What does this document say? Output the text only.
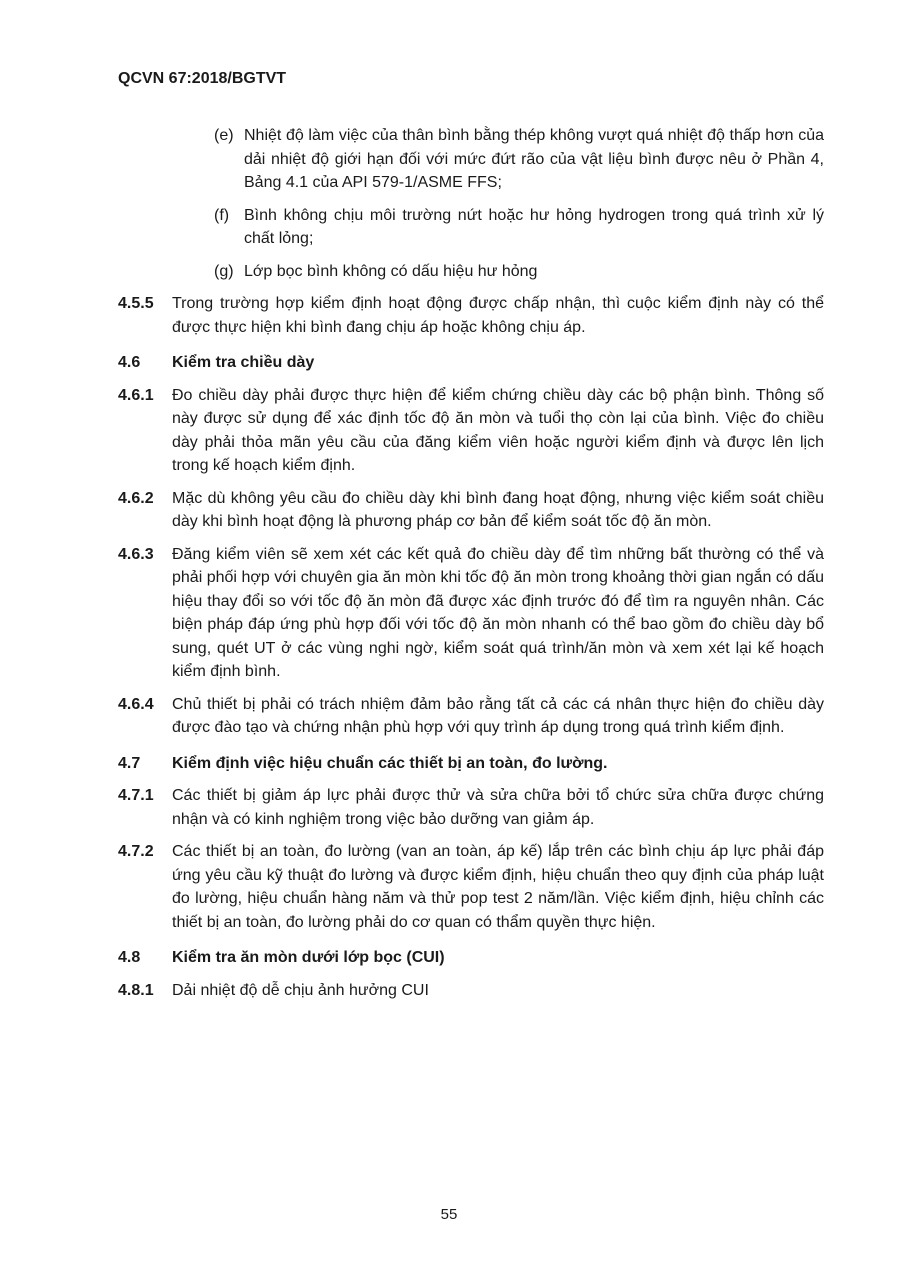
QCVN 67:2018/BGTVT
(e) Nhiệt độ làm việc của thân bình bằng thép không vượt quá nhiệt độ thấp hơn của dải nhiệt độ giới hạn đối với mức đứt rão của vật liệu bình được nêu ở Phần 4, Bảng 4.1 của API 579-1/ASME FFS;
(f) Bình không chịu môi trường nứt hoặc hư hỏng hydrogen trong quá trình xử lý chất lỏng;
(g) Lớp bọc bình không có dấu hiệu hư hỏng
4.5.5	Trong trường hợp kiểm định hoạt động được chấp nhận, thì cuộc kiểm định này có thể được thực hiện khi bình đang chịu áp hoặc không chịu áp.
4.6	Kiểm tra chiều dày
4.6.1	Đo chiều dày phải được thực hiện để kiểm chứng chiều dày các bộ phận bình. Thông số này được sử dụng để xác định tốc độ ăn mòn và tuổi thọ còn lại của bình. Việc đo chiều dày phải thỏa mãn yêu cầu của đăng kiểm viên hoặc người kiểm định và được lên lịch trong kế hoạch kiểm định.
4.6.2	Mặc dù không yêu cầu đo chiều dày khi bình đang hoạt động, nhưng việc kiểm soát chiều dày khi bình hoạt động là phương pháp cơ bản để kiểm soát tốc độ ăn mòn.
4.6.3	Đăng kiểm viên sẽ xem xét các kết quả đo chiều dày để tìm những bất thường có thể và phải phối hợp với chuyên gia ăn mòn khi tốc độ ăn mòn trong khoảng thời gian ngắn có dấu hiệu thay đổi so với tốc độ ăn mòn đã được xác định trước đó để tìm ra nguyên nhân. Các biện pháp đáp ứng phù hợp đối với tốc độ ăn mòn nhanh có thể bao gồm đo chiều dày bổ sung, quét UT ở các vùng nghi ngờ, kiểm soát quá trình/ăn mòn và xem xét lại kế hoạch kiểm định bình.
4.6.4	Chủ thiết bị phải có trách nhiệm đảm bảo rằng tất cả các cá nhân thực hiện đo chiều dày được đào tạo và chứng nhận phù hợp với quy trình áp dụng trong quá trình kiểm định.
4.7	Kiểm định việc hiệu chuẩn các thiết bị an toàn, đo lường.
4.7.1	Các thiết bị giảm áp lực phải được thử và sửa chữa bởi tổ chức sửa chữa được chứng nhận và có kinh nghiệm trong việc bảo dưỡng van giảm áp.
4.7.2	Các thiết bị an toàn, đo lường (van an toàn, áp kế) lắp trên các bình chịu áp lực phải đáp ứng yêu cầu kỹ thuật đo lường và được kiểm định, hiệu chuẩn theo quy định của pháp luật đo lường, hiệu chuẩn hàng năm và thử pop test 2 năm/lần. Việc kiểm định, hiệu chỉnh các thiết bị an toàn, đo lường phải do cơ quan có thẩm quyền thực hiện.
4.8	Kiểm tra ăn mòn dưới lớp bọc (CUI)
4.8.1	Dải nhiệt độ dễ chịu ảnh hưởng CUI
55
